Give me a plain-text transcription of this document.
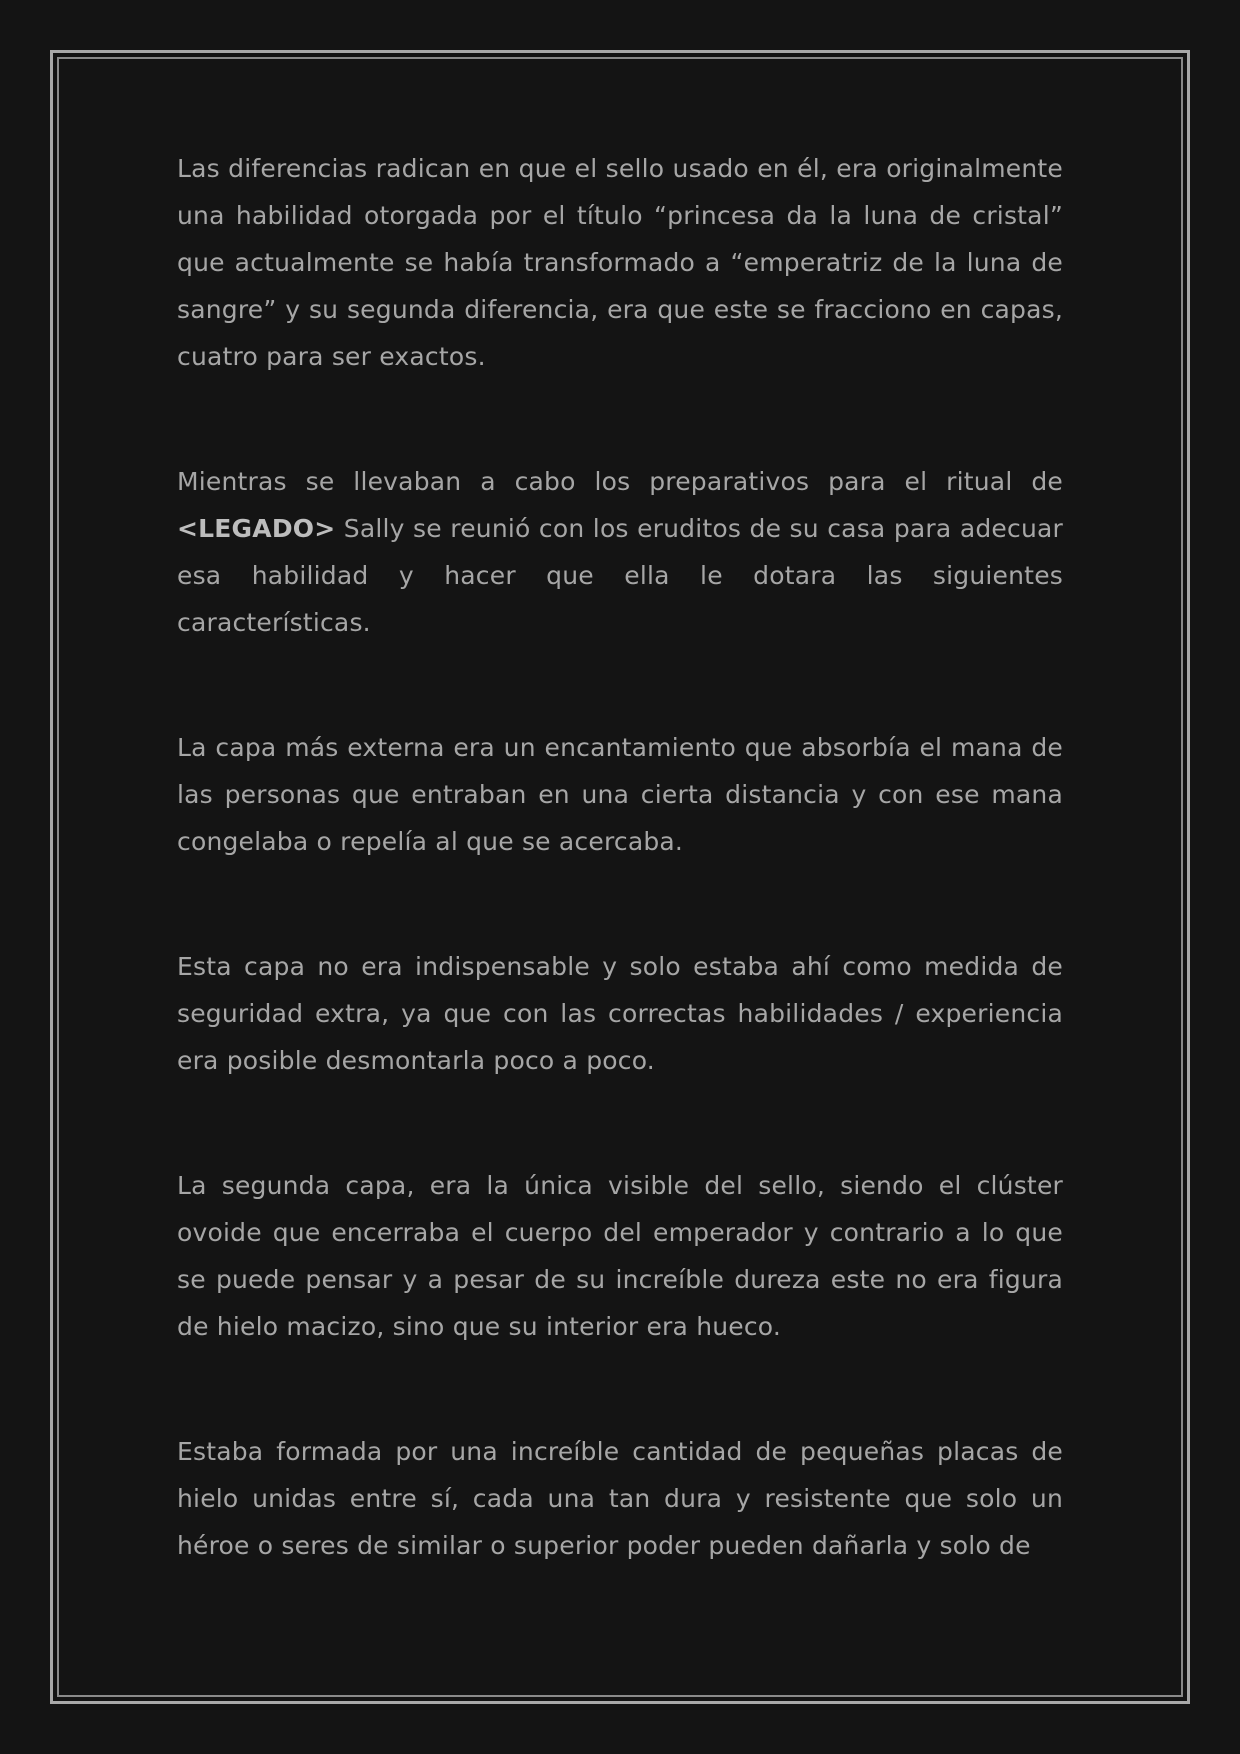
Las diferencias radican en que el sello usado en él, era originalmente una habilidad otorgada por el título “princesa da la luna de cristal” que actualmente se había transformado a “emperatriz de la luna de sangre” y su segunda diferencia, era que este se fracciono en capas, cuatro para ser exactos.

Mientras se llevaban a cabo los preparativos para el ritual de <LEGADO> Sally se reunió con los eruditos de su casa para adecuar esa habilidad y hacer que ella le dotara las siguientes características.

La capa más externa era un encantamiento que absorbía el mana de las personas que entraban en una cierta distancia y con ese mana congelaba o repelía al que se acercaba.

Esta capa no era indispensable y solo estaba ahí como medida de seguridad extra, ya que con las correctas habilidades / experiencia era posible desmontarla poco a poco.

La segunda capa, era la única visible del sello, siendo el clúster ovoide que encerraba el cuerpo del emperador y contrario a lo que se puede pensar y a pesar de su increíble dureza este no era figura de hielo macizo, sino que su interior era hueco.

Estaba formada por una increíble cantidad de pequeñas placas de hielo unidas entre sí, cada una tan dura y resistente que solo un héroe o seres de similar o superior poder pueden dañarla y solo de
